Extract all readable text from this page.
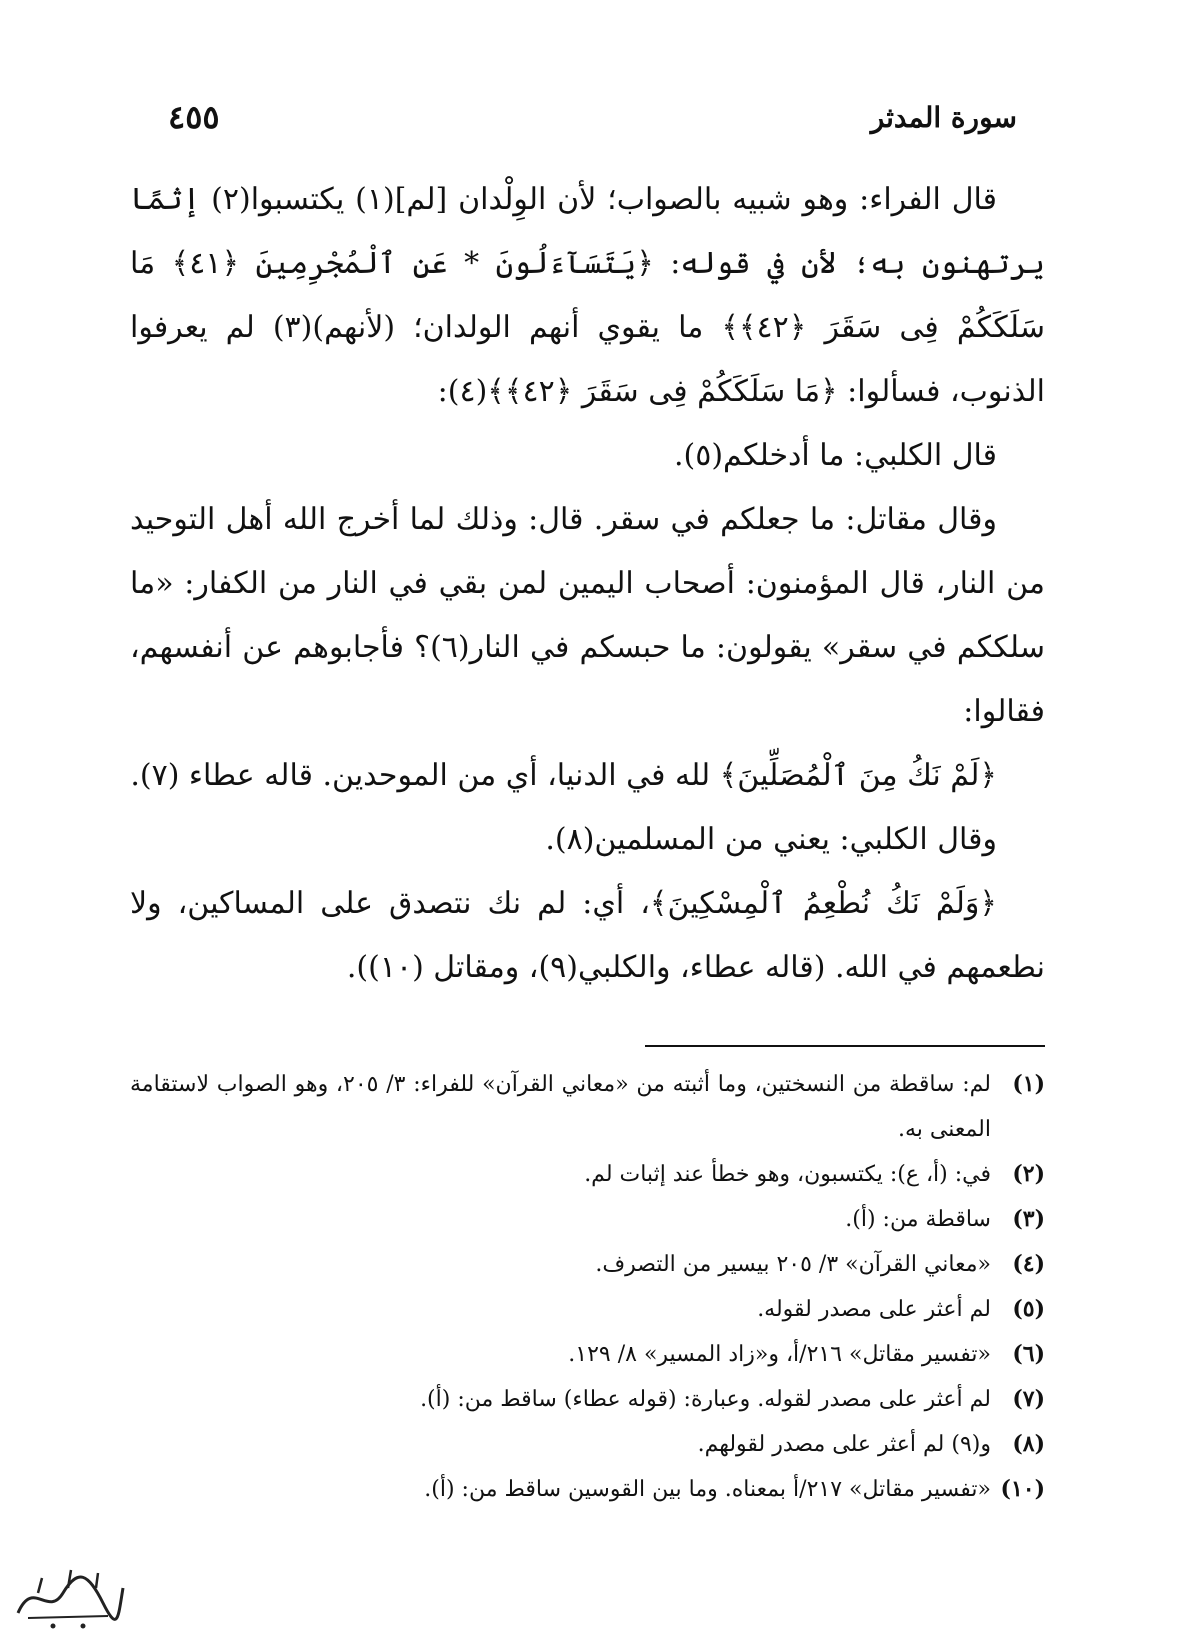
سورة المدثر
٤٥٥

قال الفراء: وهو شبيه بالصواب؛ لأن الوِلْدان [لم](١) يكتسبوا(٢) إثمًا يرتهنون به؛ لأن في قوله: ﴿يَتَسَآءَلُونَ * عَنِ ٱلْمُجْرِمِينَ ﴿٤١﴾ مَا سَلَكَكُمْ فِى سَقَرَ ﴿٤٢﴾﴾ ما يقوي أنهم الولدان؛ (لأنهم)(٣) لم يعرفوا الذنوب، فسألوا: ﴿مَا سَلَكَكُمْ فِى سَقَرَ ﴿٤٢﴾﴾(٤):

قال الكلبي: ما أدخلكم(٥).

وقال مقاتل: ما جعلكم في سقر. قال: وذلك لما أخرج الله أهل التوحيد من النار، قال المؤمنون: أصحاب اليمين لمن بقي في النار من الكفار: «ما سلككم في سقر» يقولون: ما حبسكم في النار(٦)؟ فأجابوهم عن أنفسهم، فقالوا:

﴿لَمْ نَكُ مِنَ ٱلْمُصَلِّينَ﴾ لله في الدنيا، أي من الموحدين. قاله عطاء (٧).

وقال الكلبي: يعني من المسلمين(٨).

﴿وَلَمْ نَكُ نُطْعِمُ ٱلْمِسْكِينَ﴾، أي: لم نك نتصدق على المساكين، ولا نطعمهم في الله. (قاله عطاء، والكلبي(٩)، ومقاتل (١٠)).

(١)
لم: ساقطة من النسختين، وما أثبته من «معاني القرآن» للفراء: ٣/ ٢٠٥، وهو الصواب لاستقامة المعنى به.
(٢)
في: (أ، ع): يكتسبون، وهو خطأ عند إثبات لم.
(٣)
ساقطة من: (أ).
(٤)
«معاني القرآن» ٣/ ٢٠٥ بيسير من التصرف.
(٥)
لم أعثر على مصدر لقوله.
(٦)
«تفسير مقاتل» ٢١٦/أ، و«زاد المسير» ٨/ ١٢٩.
(٧)
لم أعثر على مصدر لقوله. وعبارة: (قوله عطاء) ساقط من: (أ).
(٨)
و(٩) لم أعثر على مصدر لقولهم.
(١٠)
«تفسير مقاتل» ٢١٧/أ بمعناه. وما بين القوسين ساقط من: (أ).
